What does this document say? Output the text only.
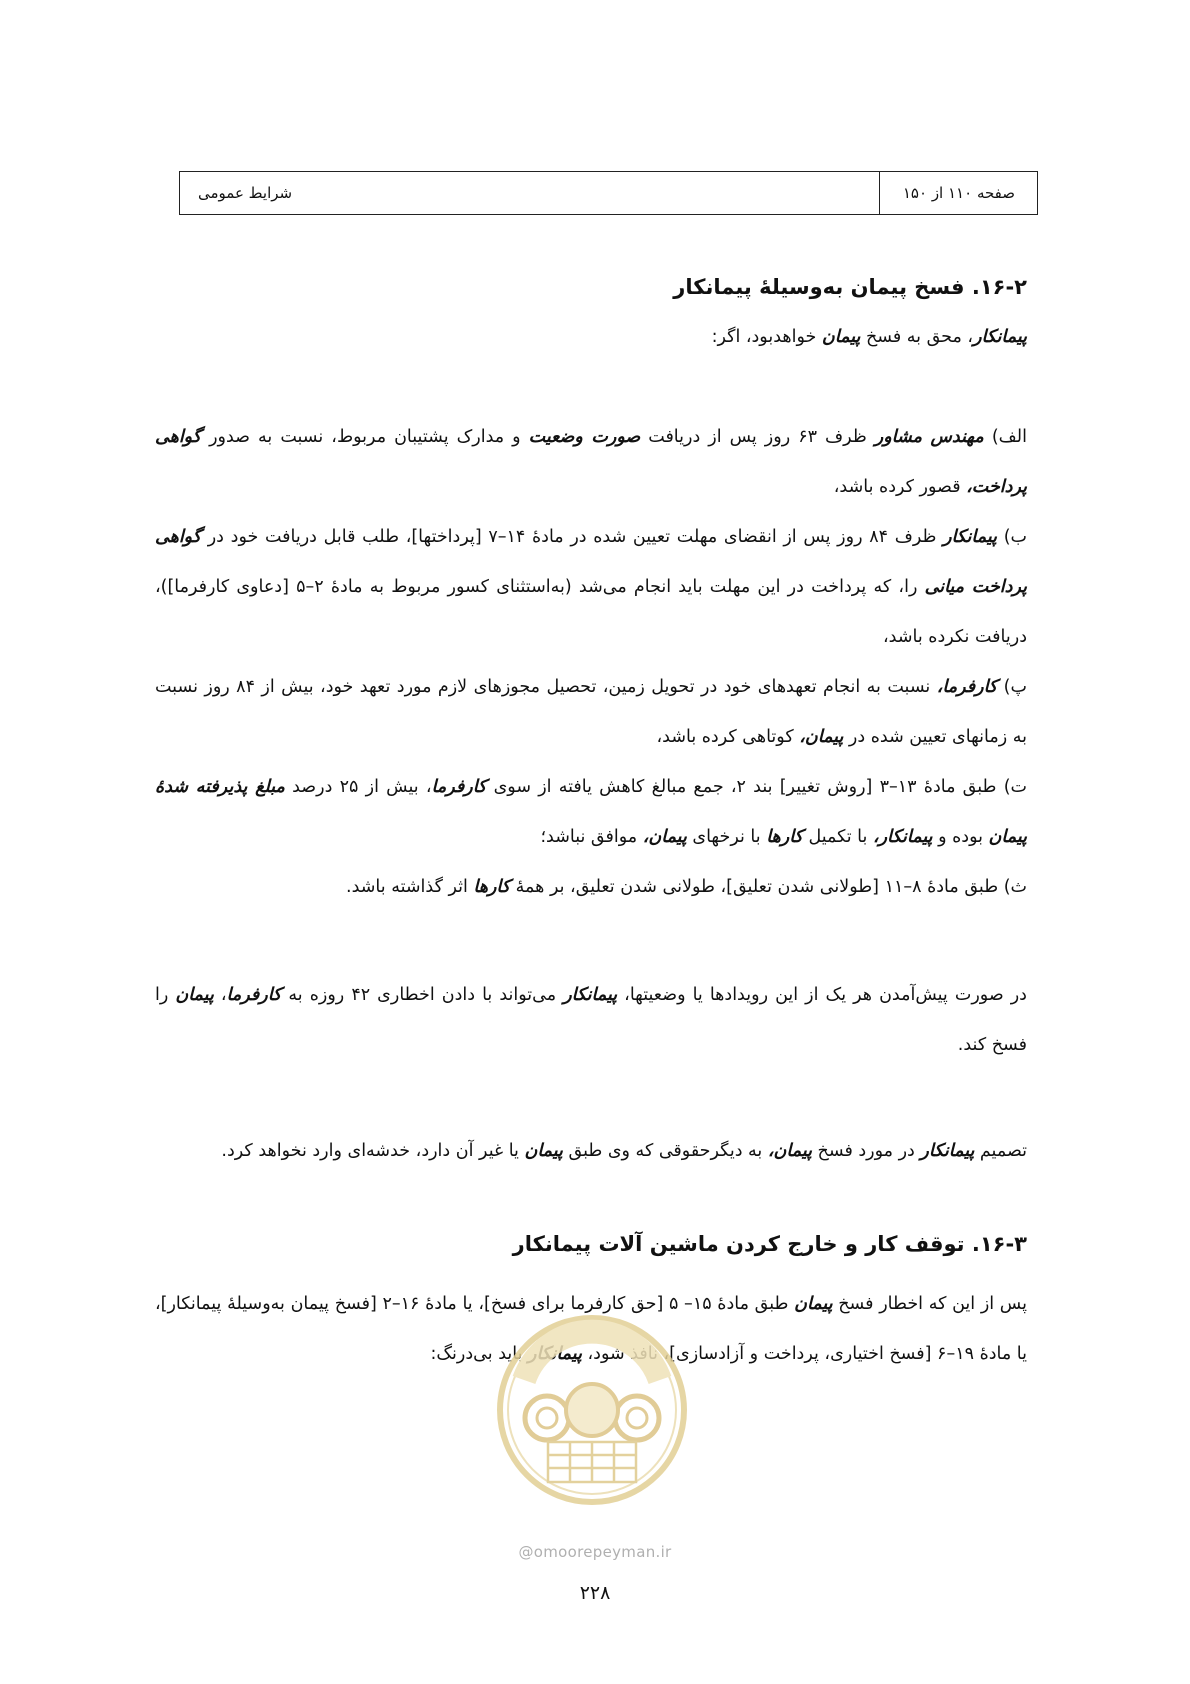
صفحه ۱۱۰ از ۱۵۰
شرایط عمومی
۱۶-۲. فسخ پیمان به‌وسیلهٔ پیمانکار

پیمانکار، محق به فسخ پیمان خواهدبود، اگر:

الف) مهندس مشاور ظرف ۶۳ روز پس از دریافت صورت وضعیت و مدارک پشتیبان مربوط، نسبت به صدور گواهی پرداخت، قصور کرده باشد،

ب) پیمانکار ظرف ۸۴ روز پس از انقضای مهلت تعیین شده در مادهٔ ۱۴–۷ [پرداختها]، طلب قابل دریافت خود در گواهی پرداخت میانی را، که پرداخت در این مهلت باید انجام می‌شد (به‌استثنای کسور مربوط به مادهٔ ۲–۵ [دعاوی کارفرما])، دریافت نکرده باشد،

پ) کارفرما، نسبت به انجام تعهدهای خود در تحویل زمین، تحصیل مجوزهای لازم مورد تعهد خود، بیش از ۸۴ روز نسبت به زمانهای تعیین شده در پیمان، کوتاهی کرده باشد،

ت) طبق مادهٔ ۱۳–۳ [روش تغییر] بند ۲، جمع مبالغ کاهش یافته از سوی کارفرما، بیش از ۲۵ درصد مبلغ پذیرفته شدهٔ پیمان بوده و پیمانکار، با تکمیل کارها با نرخهای پیمان، موافق نباشد؛

ث) طبق مادهٔ ۸–۱۱ [طولانی شدن تعلیق]، طولانی شدن تعلیق، بر همهٔ کارها اثر گذاشته باشد.

در صورت پیش‌آمدن هر یک از این رویدادها یا وضعیتها، پیمانکار می‌تواند با دادن اخطاری ۴۲ روزه به کارفرما، پیمان را فسخ کند.

تصمیم پیمانکار در مورد فسخ پیمان، به دیگرحقوقی که وی طبق پیمان یا غیر آن دارد، خدشه‌ای وارد نخواهد کرد.

۱۶-۳. توقف کار و خارج کردن ماشین آلات پیمانکار

پس از این که اخطار فسخ پیمان طبق مادهٔ ۱۵– ۵ [حق کارفرما برای فسخ]، یا مادهٔ ۱۶–۲ [فسخ پیمان به‌وسیلهٔ پیمانکار]، یا مادهٔ ۱۹–۶ [فسخ اختیاری، پرداخت و آزادسازی]، نافذ شود، پیمانکار باید بی‌درنگ:

@omoorepeyman.ir
۲۲۸
